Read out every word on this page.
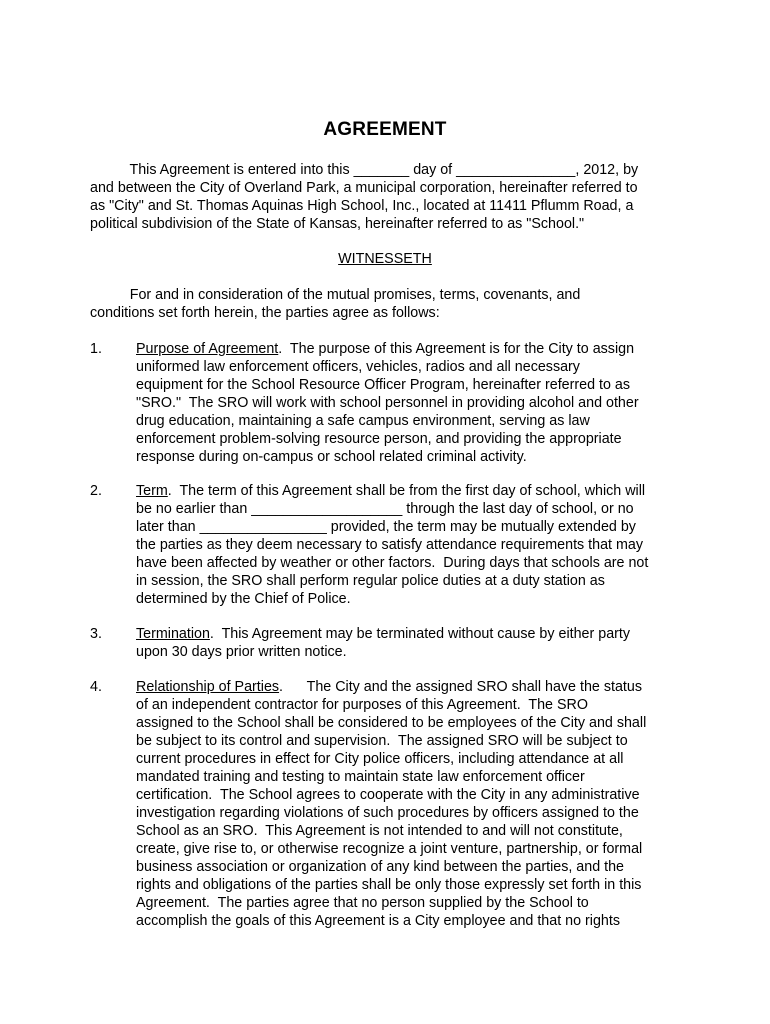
AGREEMENT
This Agreement is entered into this _______ day of _______________, 2012, by
and between the City of Overland Park, a municipal corporation, hereinafter referred to
as "City" and St. Thomas Aquinas High School, Inc., located at 11411 Pflumm Road, a
political subdivision of the State of Kansas, hereinafter referred to as "School."
WITNESSETH
For and in consideration of the mutual promises, terms, covenants, and
conditions set forth herein, the parties agree as follows:
1.	Purpose of Agreement.  The purpose of this Agreement is for the City to assign
uniformed law enforcement officers, vehicles, radios and all necessary
equipment for the School Resource Officer Program, hereinafter referred to as
"SRO."  The SRO will work with school personnel in providing alcohol and other
drug education, maintaining a safe campus environment, serving as law
enforcement problem-solving resource person, and providing the appropriate
response during on-campus or school related criminal activity.
2.	Term.  The term of this Agreement shall be from the first day of school, which will
be no earlier than ___________________ through the last day of school, or no
later than ________________ provided, the term may be mutually extended by
the parties as they deem necessary to satisfy attendance requirements that may
have been affected by weather or other factors.  During days that schools are not
in session, the SRO shall perform regular police duties at a duty station as
determined by the Chief of Police.
3.	Termination.  This Agreement may be terminated without cause by either party
upon 30 days prior written notice.
4.	Relationship of Parties.      The City and the assigned SRO shall have the status
of an independent contractor for purposes of this Agreement.  The SRO
assigned to the School shall be considered to be employees of the City and shall
be subject to its control and supervision.  The assigned SRO will be subject to
current procedures in effect for City police officers, including attendance at all
mandated training and testing to maintain state law enforcement officer
certification.  The School agrees to cooperate with the City in any administrative
investigation regarding violations of such procedures by officers assigned to the
School as an SRO.  This Agreement is not intended to and will not constitute,
create, give rise to, or otherwise recognize a joint venture, partnership, or formal
business association or organization of any kind between the parties, and the
rights and obligations of the parties shall be only those expressly set forth in this
Agreement.  The parties agree that no person supplied by the School to
accomplish the goals of this Agreement is a City employee and that no rights
